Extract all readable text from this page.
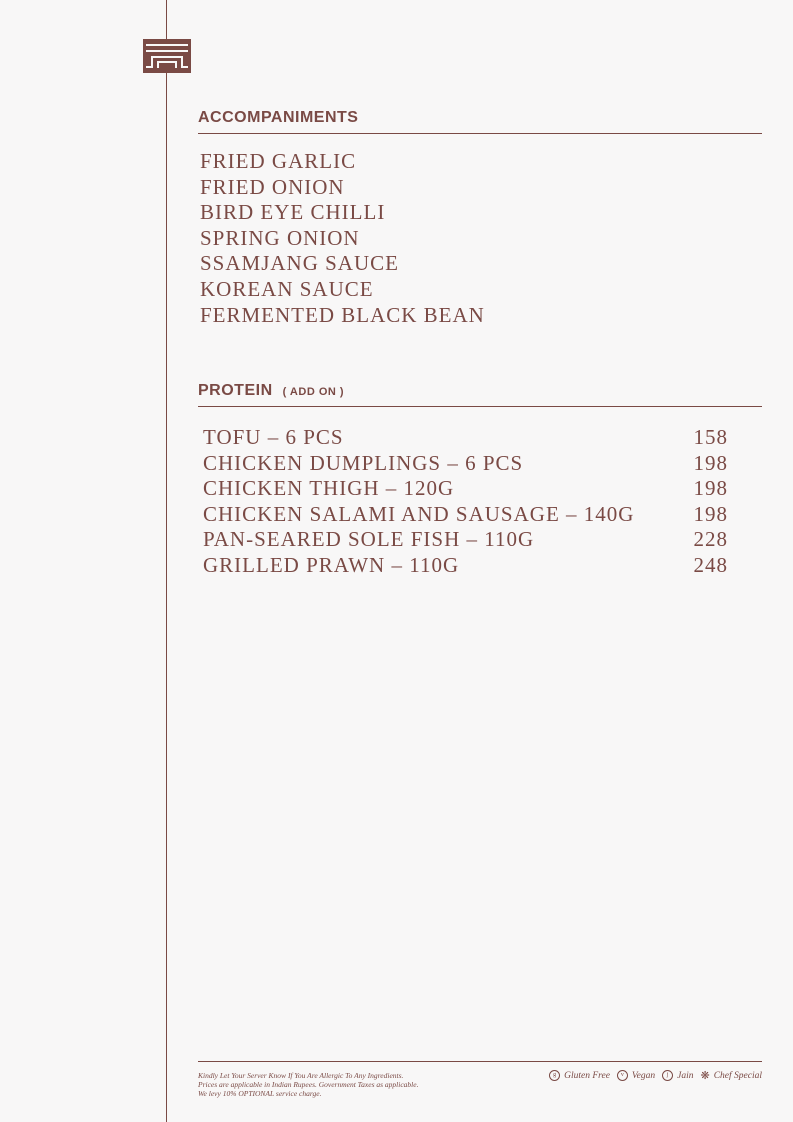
ACCOMPANIMENTS
FRIED GARLIC
FRIED ONION
BIRD EYE CHILLI
SPRING ONION
SSAMJANG SAUCE
KOREAN SAUCE
FERMENTED BLACK BEAN
PROTEIN ( ADD ON )
TOFU – 6 PCS	158
CHICKEN DUMPLINGS – 6 PCS	198
CHICKEN THIGH – 120G	198
CHICKEN SALAMI AND SAUSAGE – 140G	198
PAN-SEARED SOLE FISH – 110G	228
GRILLED PRAWN – 110G	248
Kindly Let Your Server Know If You Are Allergic To Any Ingredients.
Prices are applicable in Indian Rupees. Government Taxes as applicable.
We levy 10% OPTIONAL service charge.
g Gluten Free	v Vegan	j Jain ❋ Chef Special
